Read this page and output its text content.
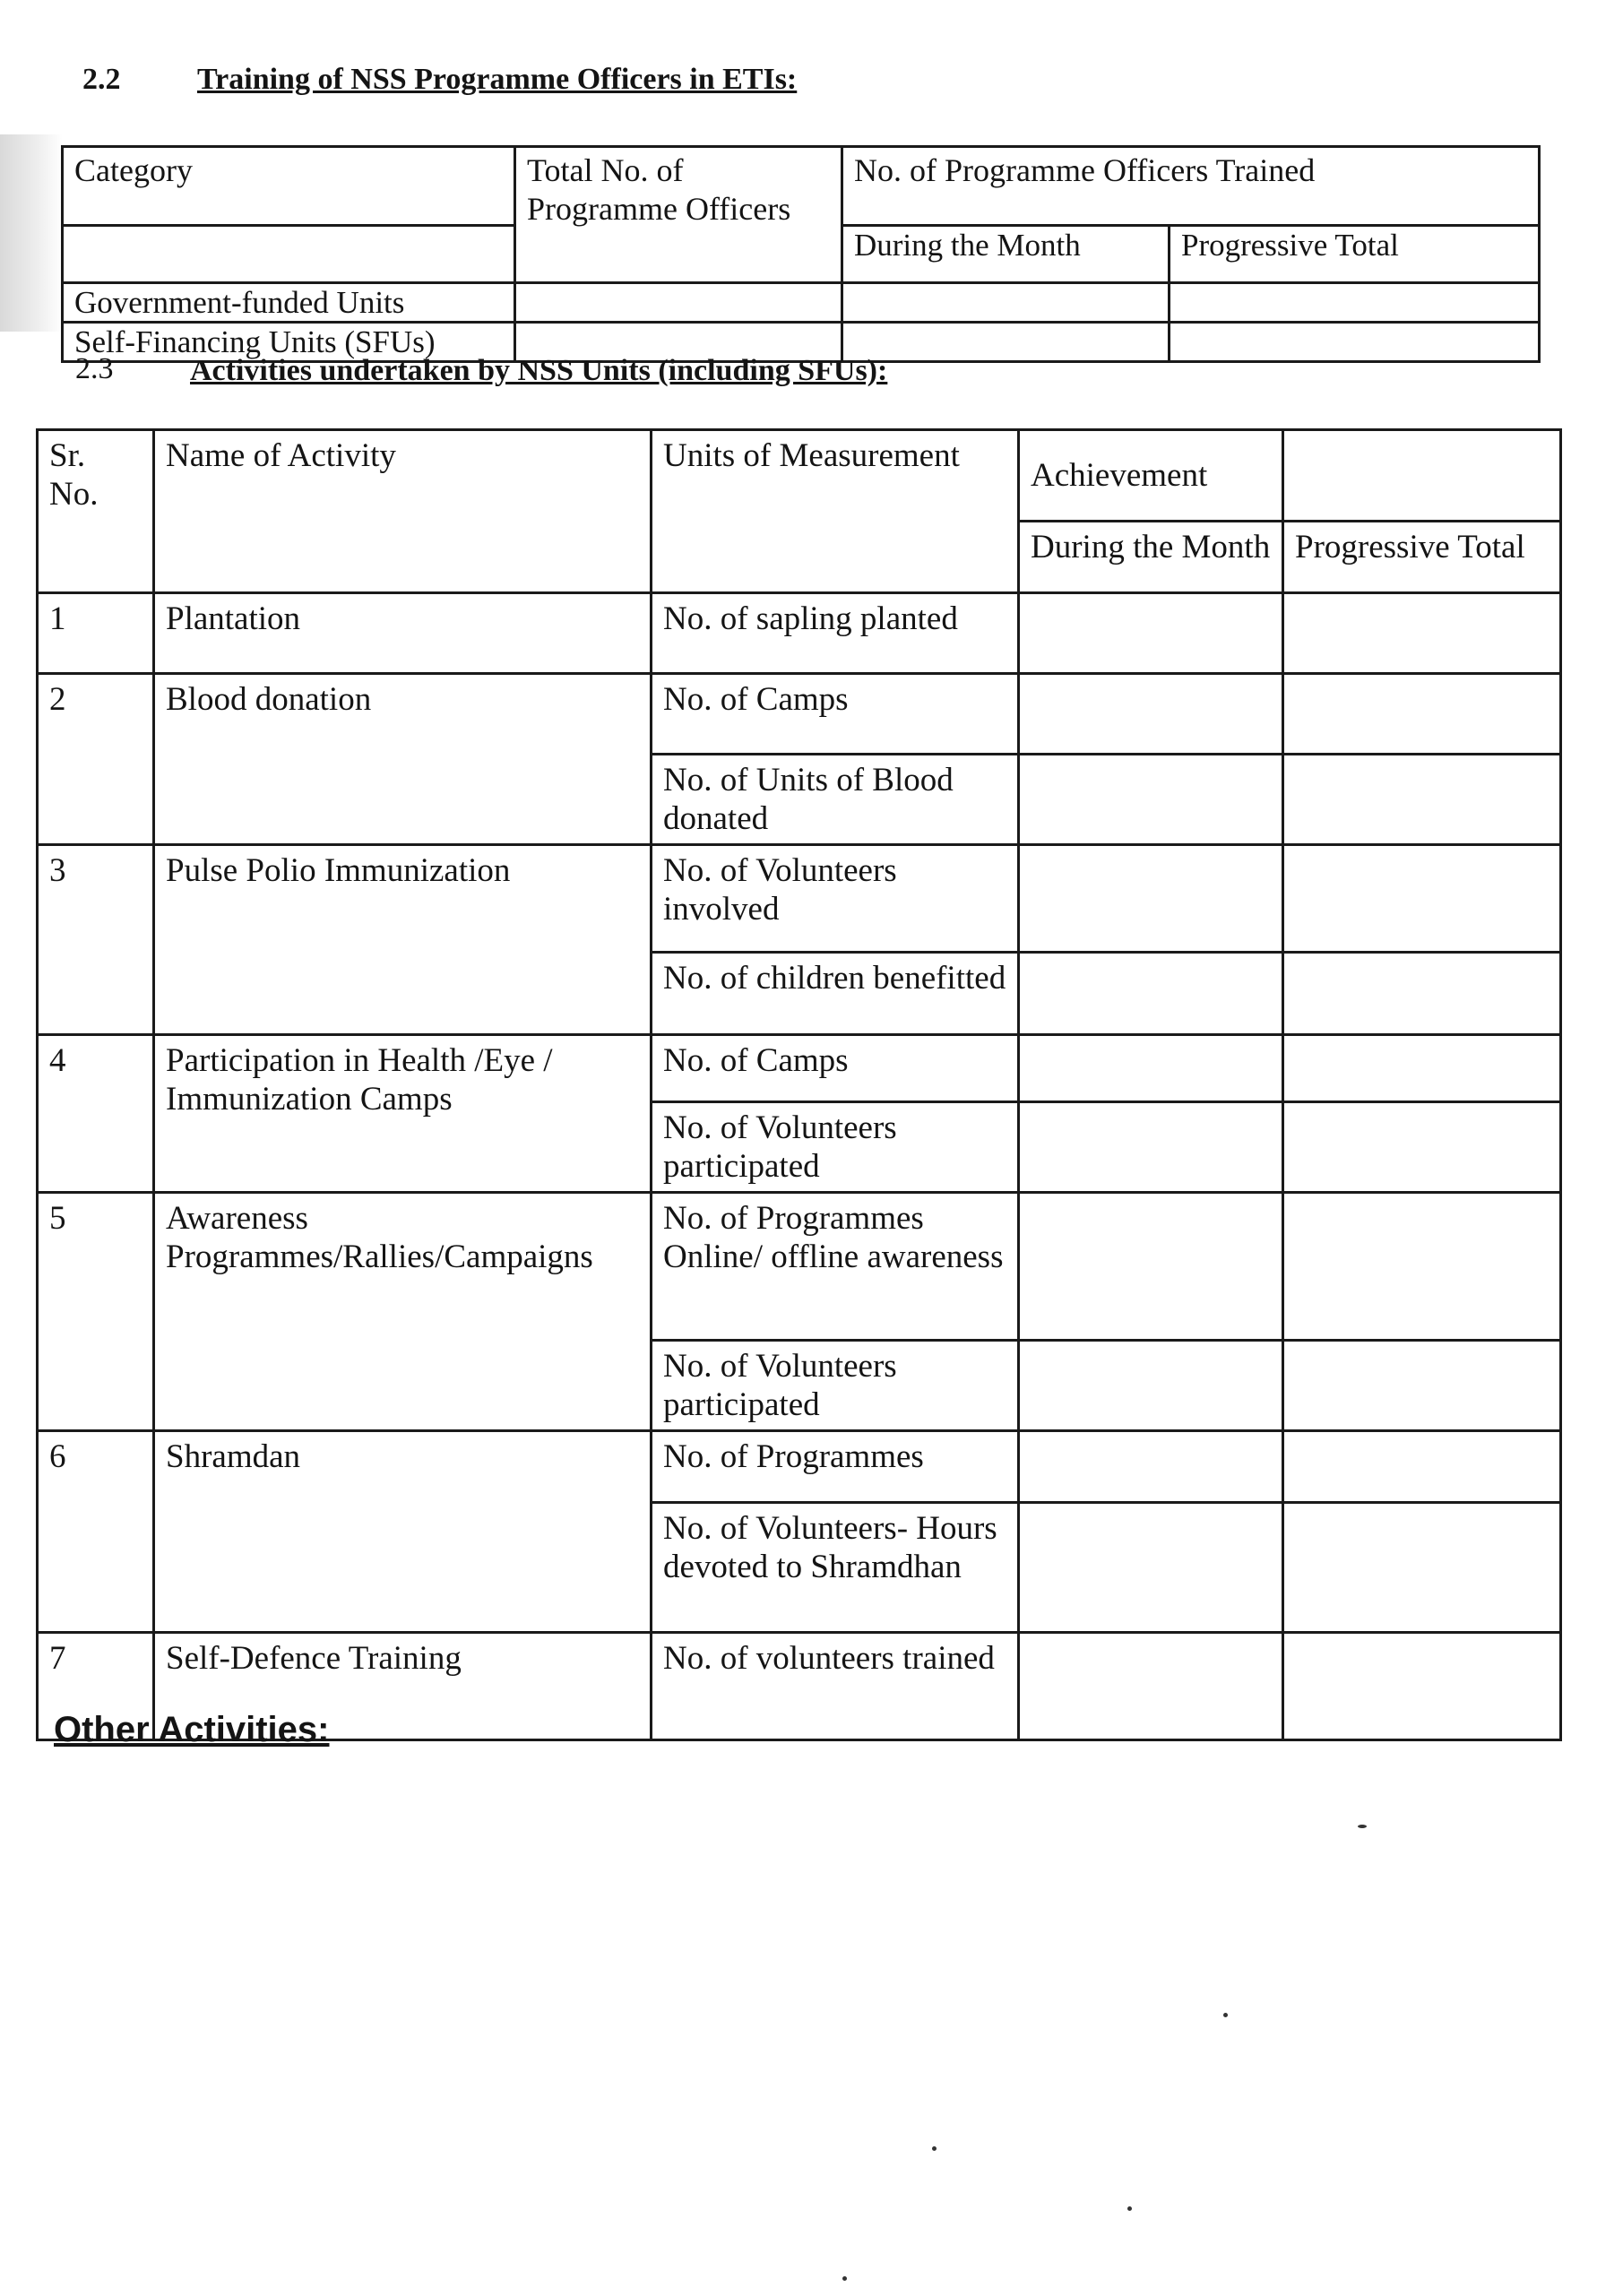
2.2	Training of NSS Programme Officers in ETIs:
Category	Total No. of Programme Officers	No. of Programme Officers Trained	
		During the Month	Progressive Total
Government-funded Units			
Self-Financing Units (SFUs)			
2.3	Activities undertaken by NSS Units (including SFUs):
Sr. No.	Name of Activity	Units of Measurement	Achievement	
			During the Month	Progressive Total
1	Plantation	No. of sapling planted		
2	Blood donation	No. of Camps		
		No. of Units of Blood donated		
3	Pulse Polio Immunization	No. of Volunteers involved		
		No. of children benefitted		
4	Participation in Health /Eye / Immunization Camps	No. of Camps		
		No. of Volunteers participated		
5	Awareness Programmes/Rallies/Campaigns	No. of Programmes Online/ offline awareness		
		No. of Volunteers participated		
6	Shramdan	No. of Programmes		
		No. of Volunteers- Hours devoted to Shramdhan		
7	Self-Defence Training	No. of volunteers trained		
Other Activities:
